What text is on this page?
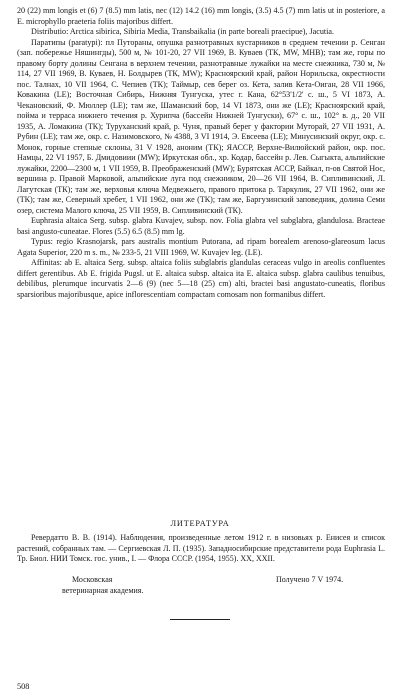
20 (22) mm longis et (6) 7 (8.5) mm latis, nec (12) 14.2 (16) mm longis, (3.5) 4.5 (7) mm latis ut in posteriore, a E. microphyllo praeteria foliis majoribus differt.

Distributio: Arctica sibirica, Sibiria Media, Transbaikalia (in parte boreali praecipue), Jacutia.

Паратипы (paratypi): пл Путораны, опушка разнотравных кустарников в среднем течении р. Сенган (зап. побережье Няшингды), 500 м, № 101-20, 27 VII 1969, В. Кувaев (ТК, MW, МНВ); там же, горы по правому борту долины Сенгана в верхнем течении, разнотравные лужайки на месте снежника, 730 м, № 114, 27 VII 1969, В. Кувaев, Н. Болдырев (ТК, MW); Красноярский край, район Норильска, окрестности пос. Талнах, 10 VII 1964, С. Чепиев (ТК); Таймыр, сев берег оз. Кета, залив Кета-Оиган, 28 VII 1966, Ковакина (LE); Восточная Сибирь, Нижняя Тунгуска, утес г. Кана, 62°53'1/2' с. ш., 5 VI 1873, А. Чекановский, Ф. Мюллер (LE); там же, Шаманский бор, 14 VI 1873, они же (LE); Красноярский край, пойма и терраса нижнего течения р. Хурипча (бассейн Нижней Тунгуски), 67° с. ш., 102° в. д., 20 VII 1935, А. Ломакина (ТК); Туруханский край, р. Чуня, правый берег у фактории Муторай, 27 VII 1931, А. Рубин (LE); там же, окр. с. Назимовского, № 4388, 3 VI 1914, Э. Евсеева (LE); Минусинский округ, окр. с. Монок, горные степные склоны, 31 V 1928, аноним (ТК); ЯАССР, Верхне-Вилюйский район, окр. пос. Намцы, 22 VI 1957, Б. Дмидовиии (MW); Иркутская обл., хр. Кодар, бассейн р. Лев. Сыгыкта, альпийские лужайки, 2200—2300 м, 1 VII 1959, В. Преображенский (MW); Бурятская АССР, Байкал, п-ов Святой Нос, вершина р. Правой Марковой, альпийские луга под снежником, 20—26 VII 1964, В. Сипливинский, Л. Лагутская (ТК); там же, верховья ключа Медвежьего, правого притока р. Таркулик, 27 VII 1962, они же (ТК); там же, Северный хребет, 1 VII 1962, они же (ТК); там же, Баргузинский заповедник, долина Семи озер, система Малого ключа, 25 VII 1959, В. Сипливинский (ТК).

Euphrasia altaica Serg. subsp. glabra Kuvajev, subsp. nov. Folia glabra vel subglabra, glandulosa. Bracteae basi angusto-cuneatae. Flores (5.5) 6.5 (8.5) mm lg.

Typus: regio Krasnojarsk, pars australis montium Putorana, ad ripam borealem arenoso-glareosum lacus Agata Superior, 220 m s. m., № 233-5, 21 VIII 1969, W. Kuvajev leg. (LE).

Affinitas: ab E. altaica Serg. subsp. altaica foliis subglabris glandulas ceraceas vulgo in areolis confluentes differt gerentibus. Ab E. frigida Pugsl. ut E. altaica subsp. altaica ita E. altaica subsp. glabra caulibus tenuibus, debilibus, plerumque incurvatis 2—6 (9) (nec 5—18 (25) cm) alti, bractei basi angustato-cuneatis, floribus sparsioribus majoribusque, apice inflorescentiam compactam comosam non formanibus differt.

ЛИТЕРАТУРА

Ревердатто В. В. (1914). Наблюдения, произведенные летом 1912 г. в низовьях р. Енисея и список растений, собранных там. — Сергиевская Л. П. (1935). Западносибирские представители рода Euphrasia L. Тр. Биол. НИИ Томск. гос. унив., I. — Флора СССР. (1954, 1955). XX, XXII.

Московская
ветеринарная академия.
Получено 7 V 1974.
508
